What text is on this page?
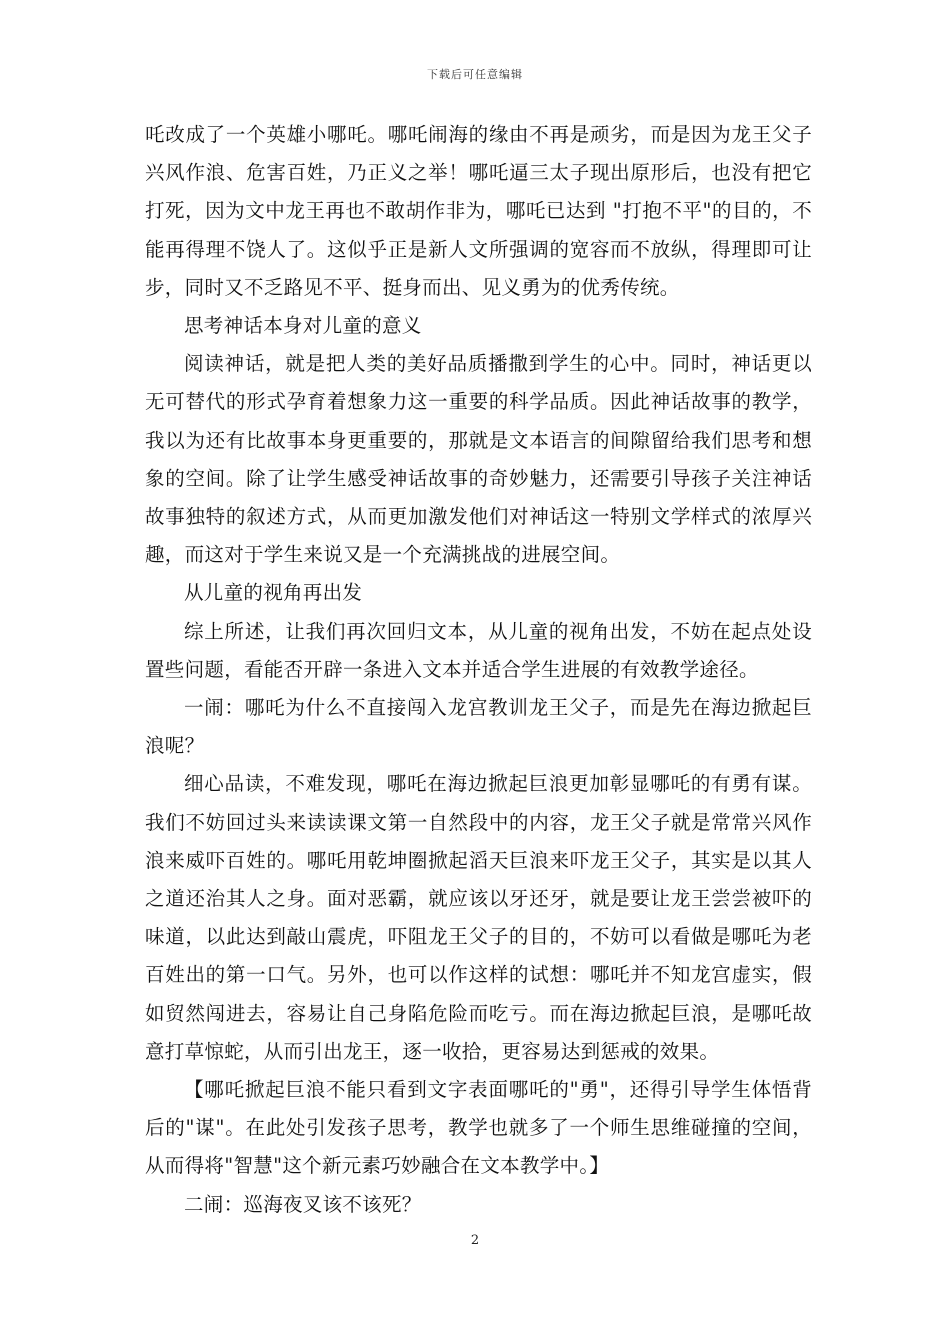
下载后可任意编辑

吒改成了一个英雄小哪吒。哪吒闹海的缘由不再是顽劣，而是因为龙王父子兴风作浪、危害百姓，乃正义之举！哪吒逼三太子现出原形后，也没有把它打死，因为文中龙王再也不敢胡作非为，哪吒已达到 "打抱不平"的目的，不能再得理不饶人了。这似乎正是新人文所强调的宽容而不放纵，得理即可让步，同时又不乏路见不平、挺身而出、见义勇为的优秀传统。

思考神话本身对儿童的意义

阅读神话，就是把人类的美好品质播撒到学生的心中。同时，神话更以无可替代的形式孕育着想象力这一重要的科学品质。因此神话故事的教学，我以为还有比故事本身更重要的，那就是文本语言的间隙留给我们思考和想象的空间。除了让学生感受神话故事的奇妙魅力，还需要引导孩子关注神话故事独特的叙述方式，从而更加激发他们对神话这一特别文学样式的浓厚兴趣，而这对于学生来说又是一个充满挑战的进展空间。

从儿童的视角再出发

综上所述，让我们再次回归文本，从儿童的视角出发，不妨在起点处设置些问题，看能否开辟一条进入文本并适合学生进展的有效教学途径。

一闹：哪吒为什么不直接闯入龙宫教训龙王父子，而是先在海边掀起巨浪呢？

细心品读，不难发现，哪吒在海边掀起巨浪更加彰显哪吒的有勇有谋。我们不妨回过头来读读课文第一自然段中的内容，龙王父子就是常常兴风作浪来威吓百姓的。哪吒用乾坤圈掀起滔天巨浪来吓龙王父子，其实是以其人之道还治其人之身。面对恶霸，就应该以牙还牙，就是要让龙王尝尝被吓的味道，以此达到敲山震虎，吓阻龙王父子的目的，不妨可以看做是哪吒为老百姓出的第一口气。另外，也可以作这样的试想：哪吒并不知龙宫虚实，假如贸然闯进去，容易让自己身陷危险而吃亏。而在海边掀起巨浪，是哪吒故意打草惊蛇，从而引出龙王，逐一收拾，更容易达到惩戒的效果。

【哪吒掀起巨浪不能只看到文字表面哪吒的"勇"，还得引导学生体悟背后的"谋"。在此处引发孩子思考，教学也就多了一个师生思维碰撞的空间，从而得将"智慧"这个新元素巧妙融合在文本教学中。】

二闹：巡海夜叉该不该死？

2
